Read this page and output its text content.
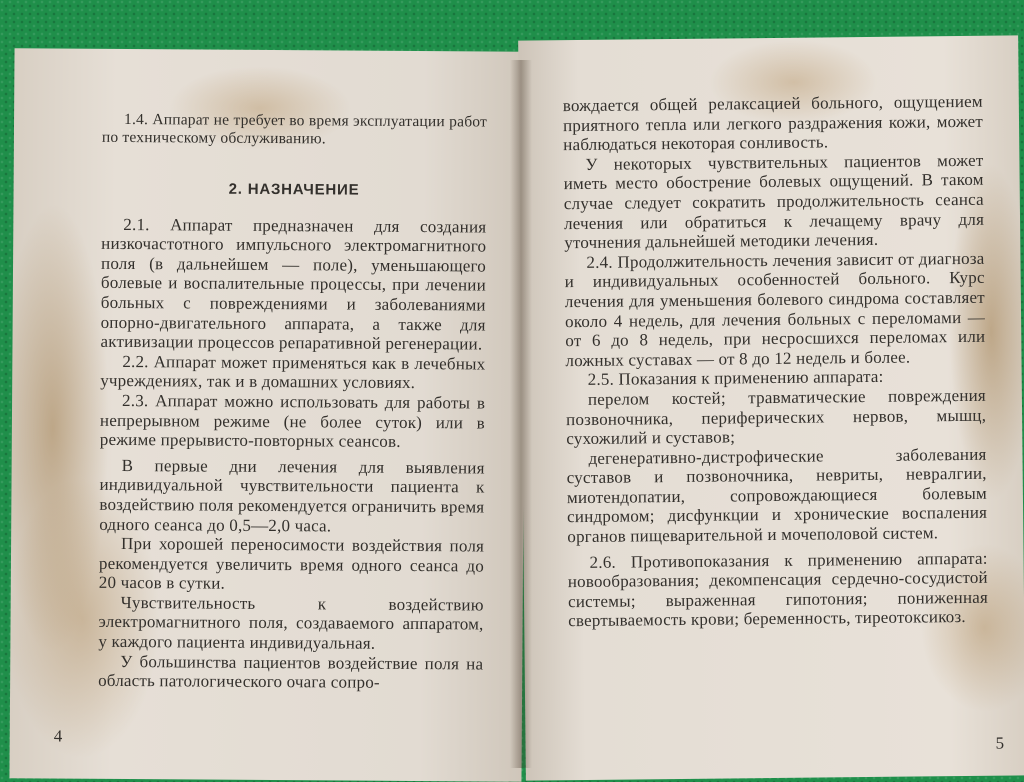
1.4. Аппарат не требует во время эксплуатации работ по техническому обслуживанию.

2. НАЗНАЧЕНИЕ

2.1. Аппарат предназначен для создания низкочастотного импульсного электромагнитного поля (в дальнейшем — поле), уменьшающего болевые и воспалительные процессы, при лечении больных с повреждениями и заболеваниями опорно-двигательного аппарата, а также для активизации процессов репаративной регенерации.

2.2. Аппарат может применяться как в лечебных учреждениях, так и в домашних условиях.

2.3. Аппарат можно использовать для работы в непрерывном режиме (не более суток) или в режиме прерывисто-повторных сеансов.

В первые дни лечения для выявления индивидуальной чувствительности пациента к воздействию поля рекомендуется ограничить время одного сеанса до 0,5—2,0 часа.

При хорошей переносимости воздействия поля рекомендуется увеличить время одного сеанса до 20 часов в сутки.

Чувствительность к воздействию электромагнитного поля, создаваемого аппаратом, у каждого пациента индивидуальная.

У большинства пациентов воздействие поля на область патологического очага сопро-

4

вождается общей релаксацией больного, ощущением приятного тепла или легкого раздражения кожи, может наблюдаться некоторая сонливость.

У некоторых чувствительных пациентов может иметь место обострение болевых ощущений. В таком случае следует сократить продолжительность сеанса лечения или обратиться к лечащему врачу для уточнения дальнейшей методики лечения.

2.4. Продолжительность лечения зависит от диагноза и индивидуальных особенностей больного. Курс лечения для уменьшения болевого синдрома составляет около 4 недель, для лечения больных с переломами — от 6 до 8 недель, при несросшихся переломах или ложных суставах — от 8 до 12 недель и более.

2.5. Показания к применению аппарата:

перелом костей; травматические повреждения позвоночника, периферических нервов, мышц, сухожилий и суставов;

дегенеративно-дистрофические заболевания суставов и позвоночника, невриты, невралгии, миотендопатии, сопровождающиеся болевым синдромом; дисфункции и хронические воспаления органов пищеварительной и мочеполовой систем.

2.6. Противопоказания к применению аппарата: новообразования; декомпенсация сердечно-сосудистой системы; выраженная гипотония; пониженная свертываемость крови; беременность, тиреотоксикоз.

5
